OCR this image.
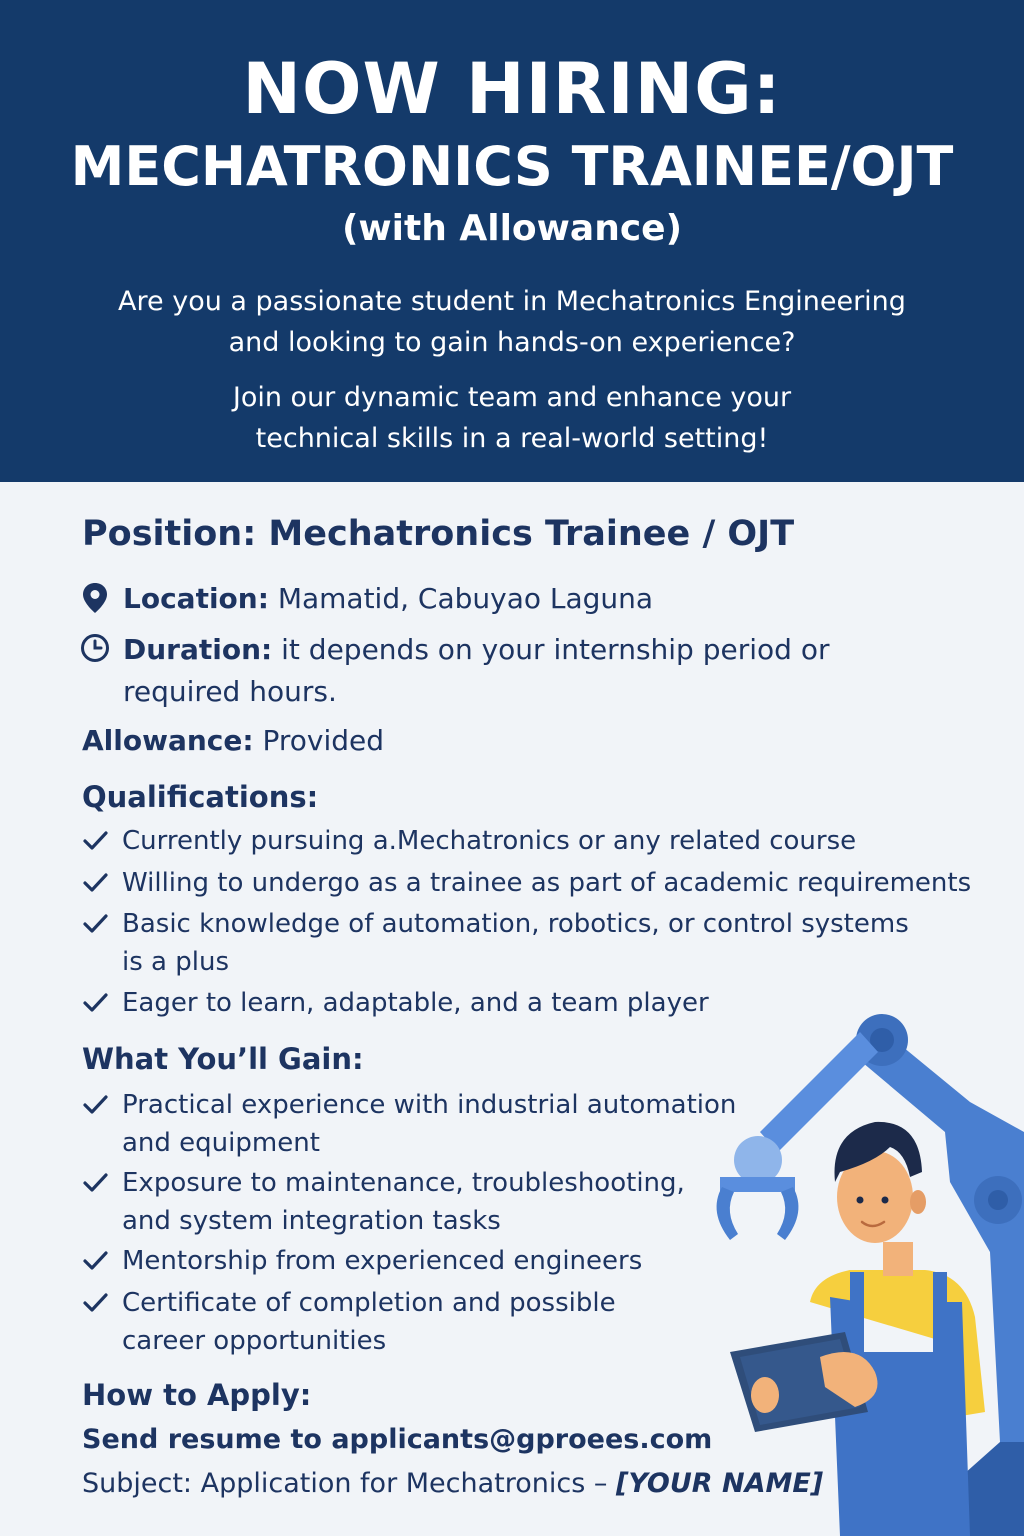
NOW HIRING:
MECHATRONICS TRAINEE/OJT
(with Allowance)
Are you a passionate student in Mechatronics Engineering
and looking to gain hands-on experience?
Join our dynamic team and enhance your
technical skills in a real-world setting!
Position: Mechatronics Trainee / OJT
Location: Mamatid, Cabuyao Laguna
Duration: it depends on your internship period or
required hours.
Allowance: Provided
Qualifications:
Currently pursuing a.Mechatronics or any related course
Willing to undergo as a trainee as part of academic requirements
Basic knowledge of automation, robotics, or control systems
is a plus
Eager to learn, adaptable, and a team player
What You’ll Gain:
Practical experience with industrial automation
and equipment
Exposure to maintenance, troubleshooting,
and system integration tasks
Mentorship from experienced engineers
Certificate of completion and possible
career opportunities
How to Apply:
Send resume to applicants@gproees.com
Subject: Application for Mechatronics – [YOUR NAME]
